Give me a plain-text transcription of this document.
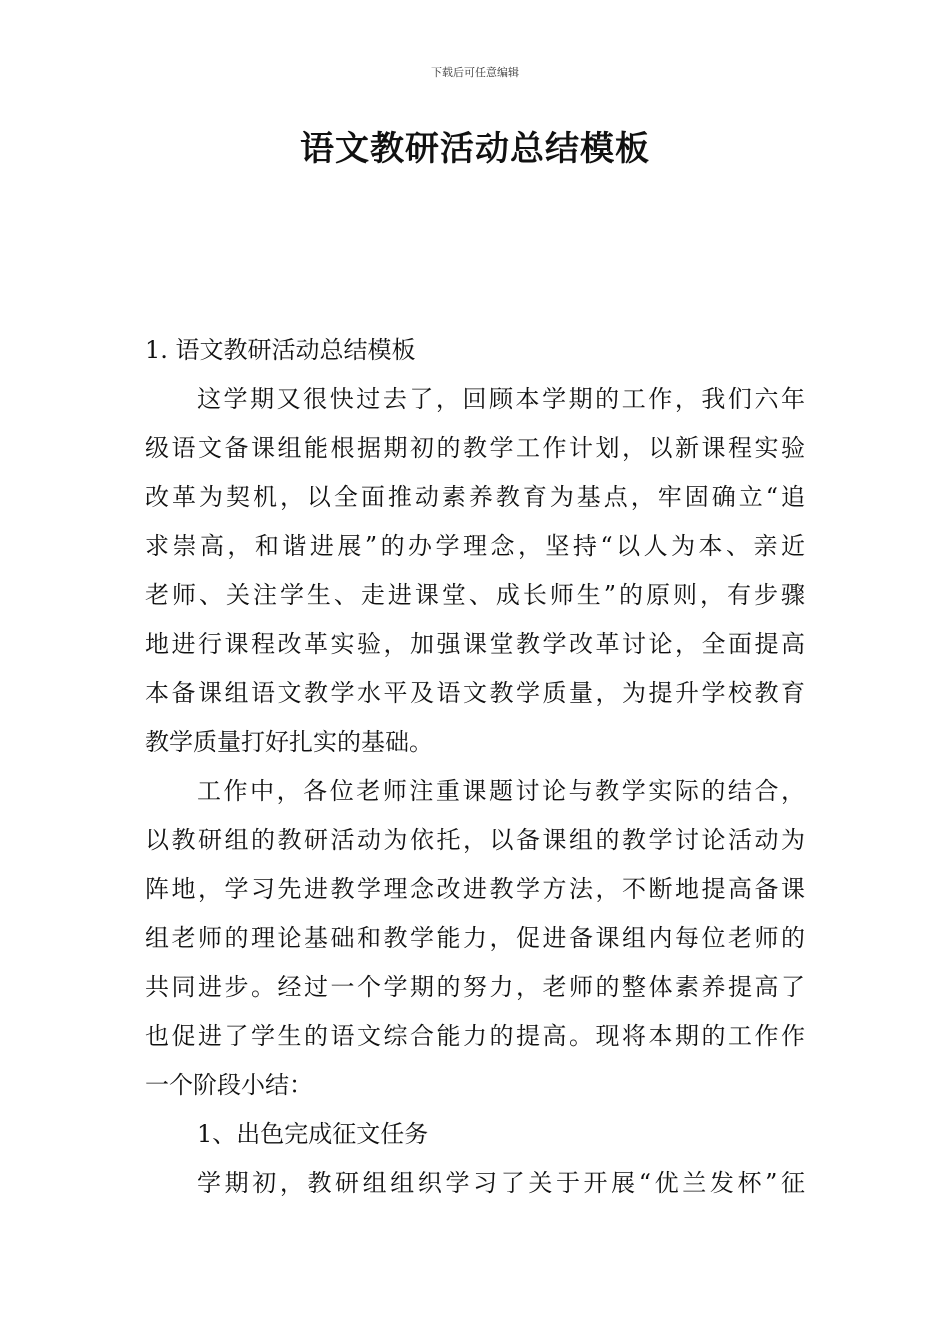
下载后可任意编辑
语文教研活动总结模板
1. 语文教研活动总结模板
这学期又很快过去了，回顾本学期的工作，我们六年
级语文备课组能根据期初的教学工作计划，以新课程实验
改革为契机，以全面推动素养教育为基点，牢固确立“追
求崇高，和谐进展”的办学理念，坚持“以人为本、亲近
老师、关注学生、走进课堂、成长师生”的原则，有步骤
地进行课程改革实验，加强课堂教学改革讨论，全面提高
本备课组语文教学水平及语文教学质量，为提升学校教育
教学质量打好扎实的基础。
工作中，各位老师注重课题讨论与教学实际的结合，
以教研组的教研活动为依托，以备课组的教学讨论活动为
阵地，学习先进教学理念改进教学方法，不断地提高备课
组老师的理论基础和教学能力，促进备课组内每位老师的
共同进步。经过一个学期的努力，老师的整体素养提高了
也促进了学生的语文综合能力的提高。现将本期的工作作
一个阶段小结：
1、出色完成征文任务
学期初，教研组组织学习了关于开展“优兰发杯”征
